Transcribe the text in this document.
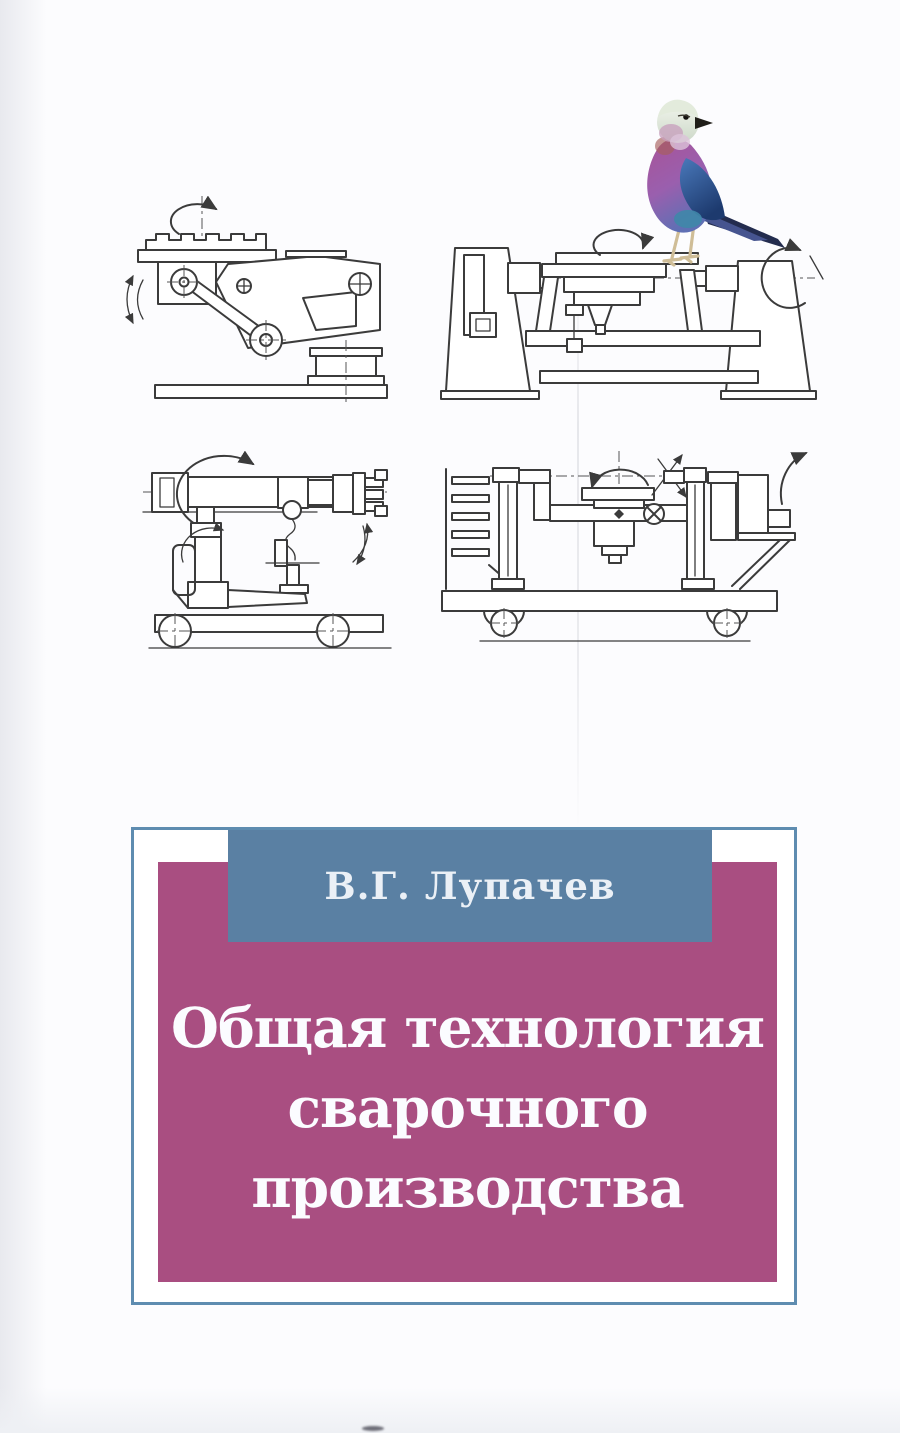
Общая технология
сварочного
производства
В.Г. Лупачев
